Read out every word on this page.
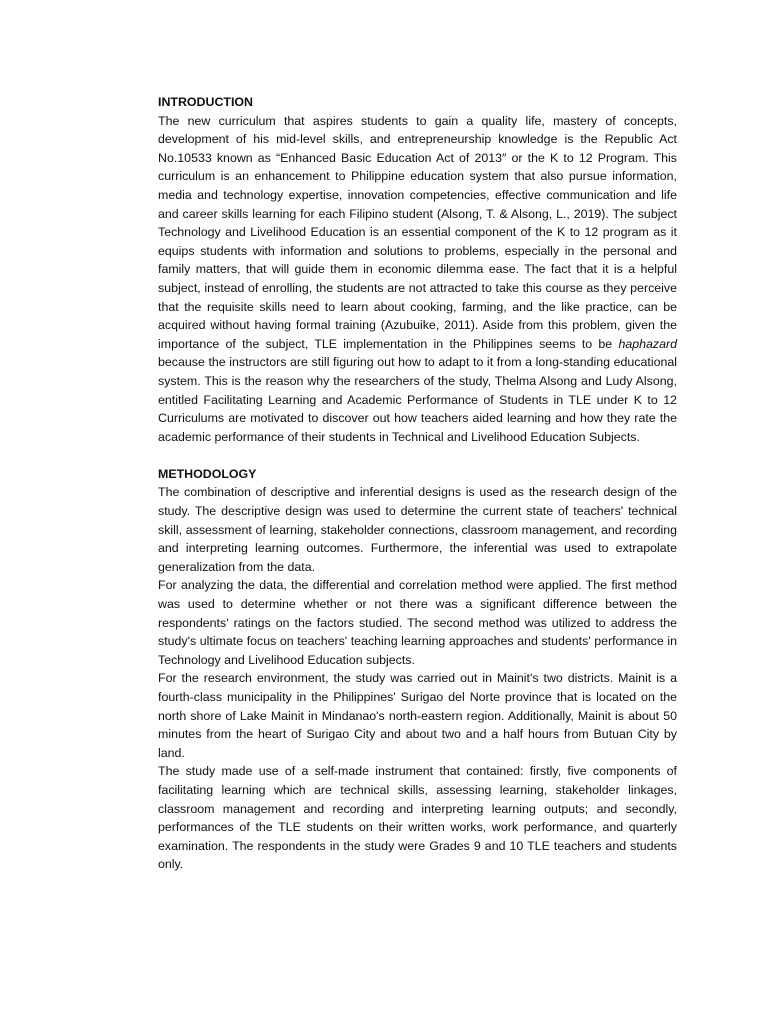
INTRODUCTION

The new curriculum that aspires students to gain a quality life, mastery of concepts, development of his mid-level skills, and entrepreneurship knowledge is the Republic Act No.10533 known as “Enhanced Basic Education Act of 2013″ or the K to 12 Program. This curriculum is an enhancement to Philippine education system that also pursue information, media and technology expertise, innovation competencies, effective communication and life and career skills learning for each Filipino student (Alsong, T. & Alsong, L., 2019). The subject Technology and Livelihood Education is an essential component of the K to 12 program as it equips students with information and solutions to problems, especially in the personal and family matters, that will guide them in economic dilemma ease. The fact that it is a helpful subject, instead of enrolling, the students are not attracted to take this course as they perceive that the requisite skills need to learn about cooking, farming, and the like practice, can be acquired without having formal training (Azubuike, 2011). Aside from this problem, given the importance of the subject, TLE implementation in the Philippines seems to be haphazard because the instructors are still figuring out how to adapt to it from a long-standing educational system. This is the reason why the researchers of the study, Thelma Alsong and Ludy Alsong, entitled Facilitating Learning and Academic Performance of Students in TLE under K to 12 Curriculums are motivated to discover out how teachers aided learning and how they rate the academic performance of their students in Technical and Livelihood Education Subjects.

METHODOLOGY

The combination of descriptive and inferential designs is used as the research design of the study. The descriptive design was used to determine the current state of teachers' technical skill, assessment of learning, stakeholder connections, classroom management, and recording and interpreting learning outcomes. Furthermore, the inferential was used to extrapolate generalization from the data.

For analyzing the data, the differential and correlation method were applied. The first method was used to determine whether or not there was a significant difference between the respondents' ratings on the factors studied. The second method was utilized to address the study's ultimate focus on teachers' teaching learning approaches and students' performance in Technology and Livelihood Education subjects.

For the research environment, the study was carried out in Mainit's two districts. Mainit is a fourth-class municipality in the Philippines' Surigao del Norte province that is located on the north shore of Lake Mainit in Mindanao's north-eastern region. Additionally, Mainit is about 50 minutes from the heart of Surigao City and about two and a half hours from Butuan City by land.

The study made use of a self-made instrument that contained: firstly, five components of facilitating learning which are technical skills, assessing learning, stakeholder linkages, classroom management and recording and interpreting learning outputs; and secondly, performances of the TLE students on their written works, work performance, and quarterly examination. The respondents in the study were Grades 9 and 10 TLE teachers and students only.
